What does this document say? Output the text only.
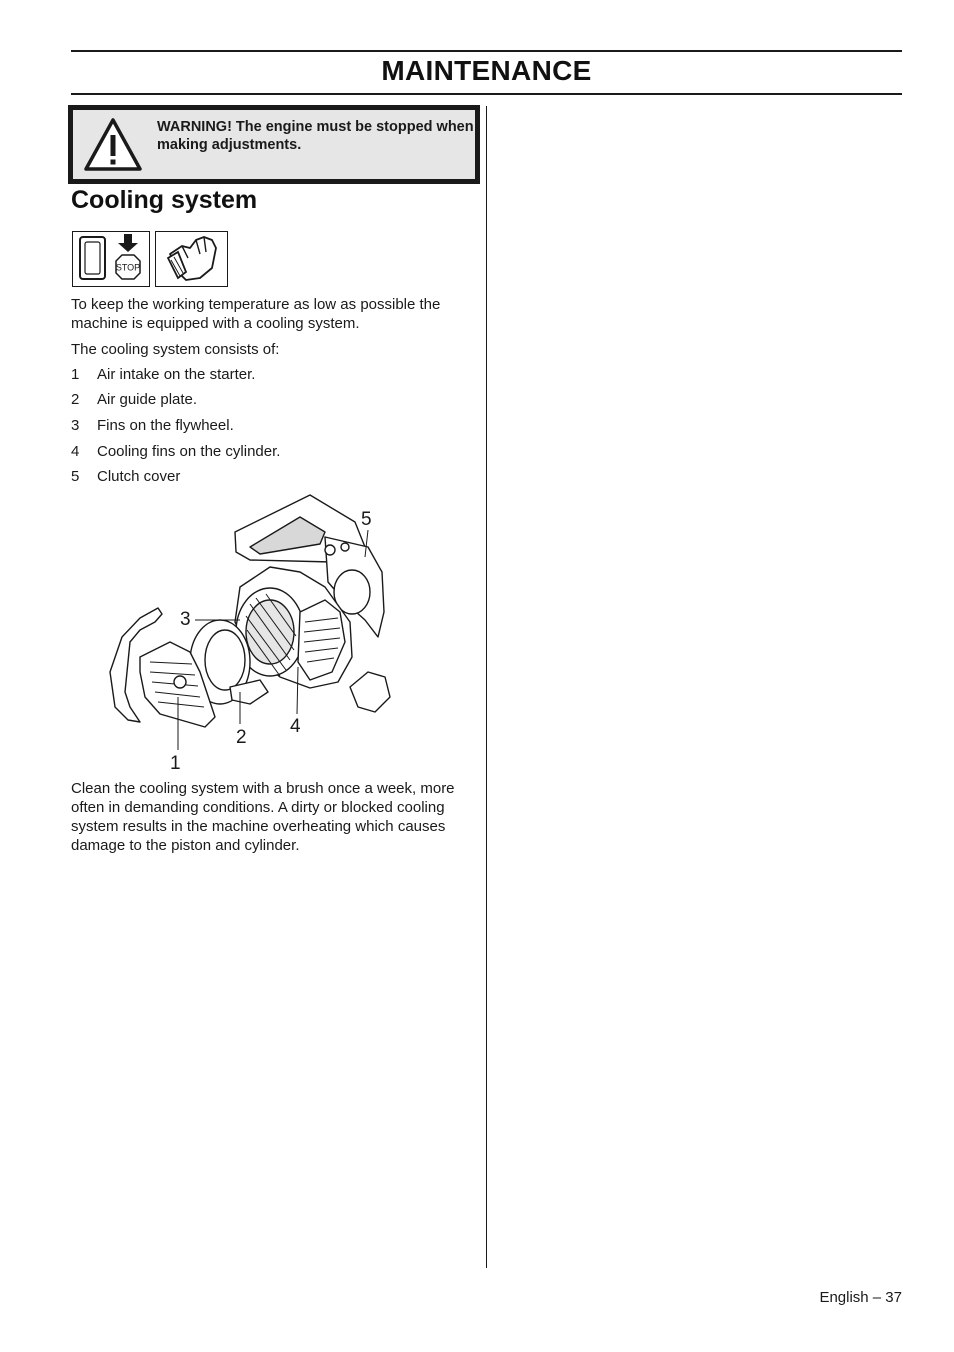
MAINTENANCE
WARNING! The engine must be stopped when making adjustments.
Cooling system
STOP
To keep the working temperature as low as possible the machine is equipped with a cooling system.
The cooling system consists of:
1 Air intake on the starter.
2 Air guide plate.
3 Fins on the flywheel.
4 Cooling fins on the cylinder.
5 Clutch cover
1
2
3
4
5
Clean the cooling system with a brush once a week, more often in demanding conditions. A dirty or blocked cooling system results in the machine overheating which causes damage to the piston and cylinder.
English – 37
